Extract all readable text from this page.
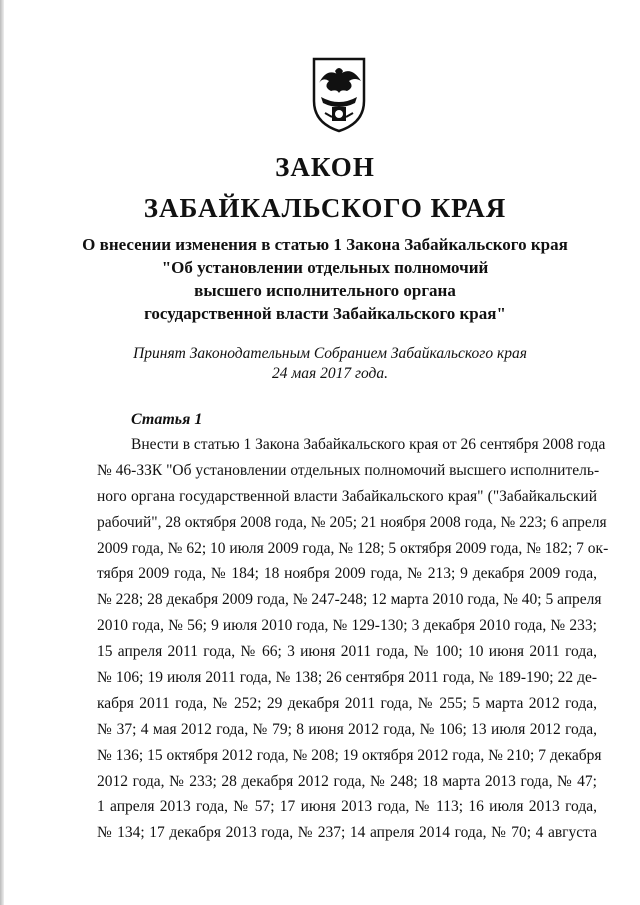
ЗАКОН
ЗАБАЙКАЛЬСКОГО КРАЯ
О внесении изменения в статью 1 Закона Забайкальского края
"Об установлении отдельных полномочий
высшего исполнительного органа
государственной власти Забайкальского края"
Принят Законодательным Собранием Забайкальского края
24 мая 2017 года.
Статья 1
Внести в статью 1 Закона Забайкальского края от 26 сентября 2008 года
№ 46-ЗЗК "Об установлении отдельных полномочий высшего исполнитель-
ного органа государственной власти Забайкальского края" ("Забайкальский
рабочий", 28 октября 2008 года, № 205; 21 ноября 2008 года, № 223; 6 апреля
2009 года, № 62; 10 июля 2009 года, № 128; 5 октября 2009 года, № 182; 7 ок-
тября 2009 года, № 184; 18 ноября 2009 года, № 213; 9 декабря 2009 года,
№ 228; 28 декабря 2009 года, № 247-248; 12 марта 2010 года, № 40; 5 апреля
2010 года, № 56; 9 июля 2010 года, № 129-130; 3 декабря 2010 года, № 233;
15 апреля 2011 года, № 66; 3 июня 2011 года, № 100; 10 июня 2011 года,
№ 106; 19 июля 2011 года, № 138; 26 сентября 2011 года, № 189-190; 22 де-
кабря 2011 года, № 252; 29 декабря 2011 года, № 255; 5 марта 2012 года,
№ 37; 4 мая 2012 года, № 79; 8 июня 2012 года, № 106; 13 июля 2012 года,
№ 136; 15 октября 2012 года, № 208; 19 октября 2012 года, № 210; 7 декабря
2012 года, № 233; 28 декабря 2012 года, № 248; 18 марта 2013 года, № 47;
1 апреля 2013 года, № 57; 17 июня 2013 года, № 113; 16 июля 2013 года,
№ 134; 17 декабря 2013 года, № 237; 14 апреля 2014 года, № 70; 4 августа
